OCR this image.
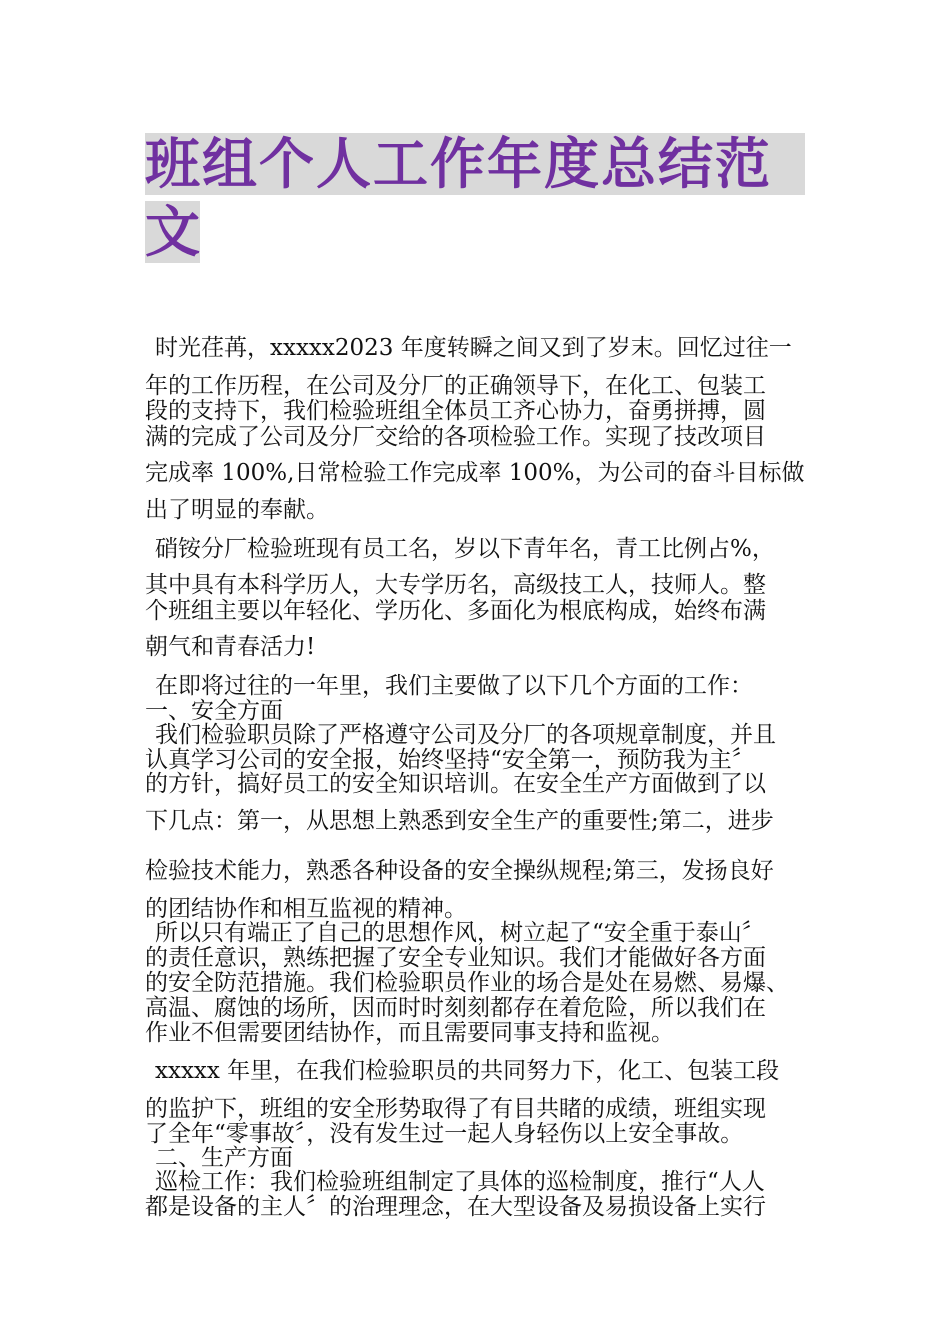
班组个人工作年度总结范
文
时光荏苒，xxxxx2023 年度转瞬之间又到了岁末。回忆过往一
年的工作历程，在公司及分厂的正确领导下，在化工、包装工
段的支持下，我们检验班组全体员工齐心协力，奋勇拼搏，圆
满的完成了公司及分厂交给的各项检验工作。实现了技改项目
完成率 100%,日常检验工作完成率 100%，为公司的奋斗目标做
出了明显的奉献。
硝铵分厂检验班现有员工名，岁以下青年名，青工比例占%，
其中具有本科学历人，大专学历名，高级技工人，技师人。整
个班组主要以年轻化、学历化、多面化为根底构成，始终布满
朝气和青春活力!
在即将过往的一年里，我们主要做了以下几个方面的工作：
一、安全方面
我们检验职员除了严格遵守公司及分厂的各项规章制度，并且
认真学习公司的安全报，始终坚持“安全第一，预防我为主〞
的方针，搞好员工的安全知识培训。在安全生产方面做到了以
下几点：第一，从思想上熟悉到安全生产的重要性;第二，进步
检验技术能力，熟悉各种设备的安全操纵规程;第三，发扬良好
的团结协作和相互监视的精神。
所以只有端正了自己的思想作风，树立起了“安全重于泰山〞
的责任意识，熟练把握了安全专业知识。我们才能做好各方面
的安全防范措施。我们检验职员作业的场合是处在易燃、易爆、
高温、腐蚀的场所，因而时时刻刻都存在着危险，所以我们在
作业不但需要团结协作，而且需要同事支持和监视。
xxxxx 年里，在我们检验职员的共同努力下，化工、包装工段
的监护下，班组的安全形势取得了有目共睹的成绩，班组实现
了全年“零事故〞，没有发生过一起人身轻伤以上安全事故。
二、生产方面
巡检工作：我们检验班组制定了具体的巡检制度，推行“人人
都是设备的主人〞的治理理念，在大型设备及易损设备上实行
